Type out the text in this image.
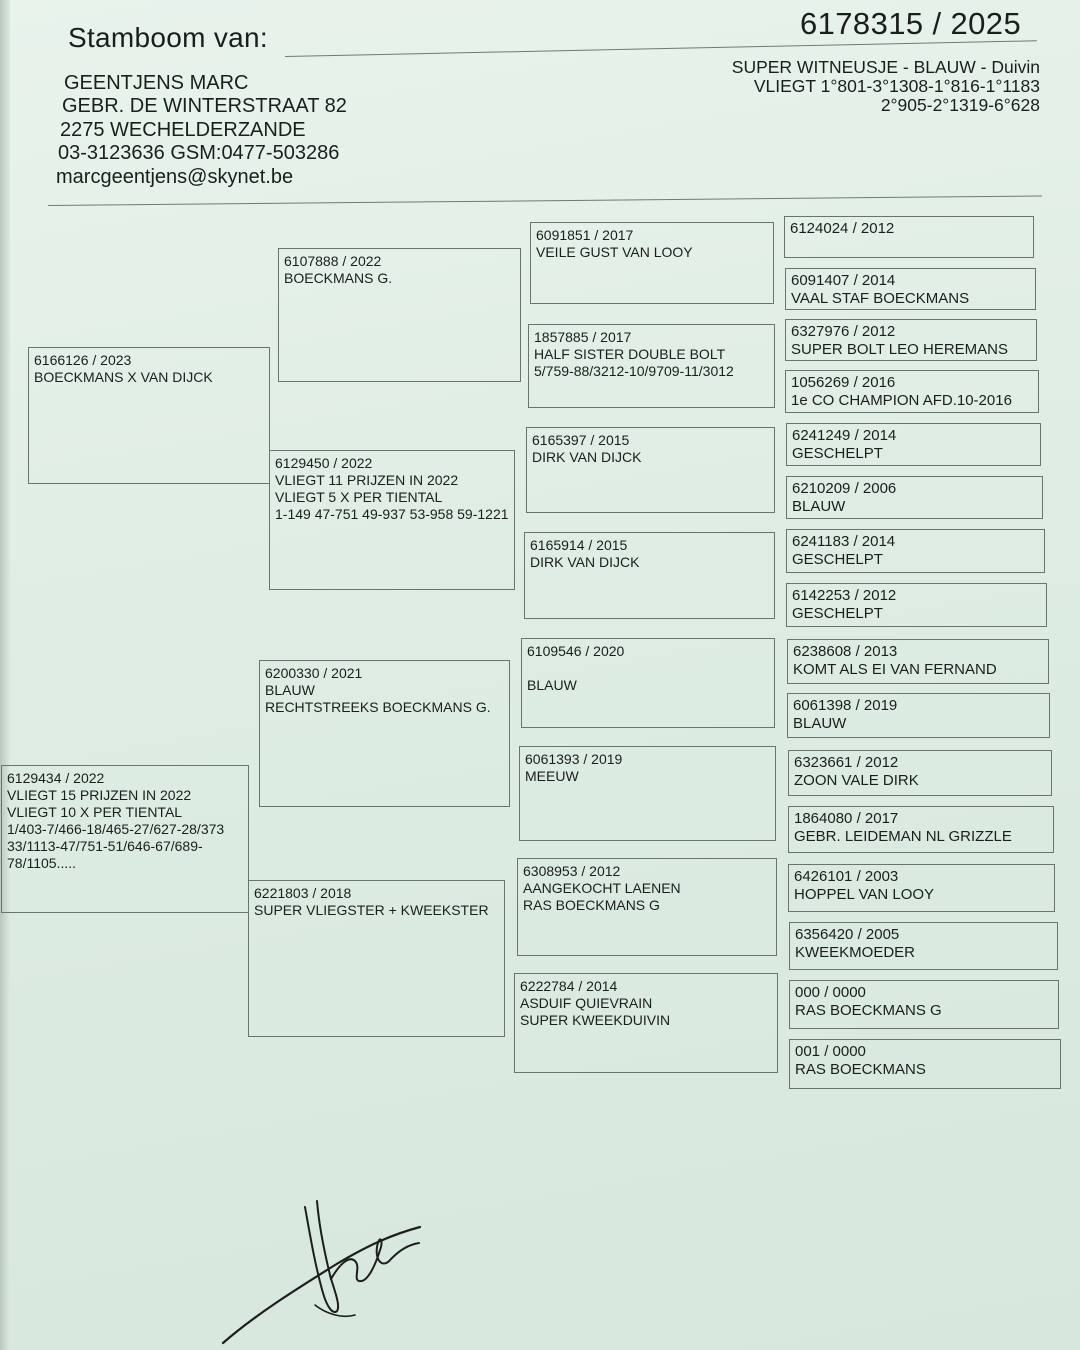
Stamboom van:	6178315 / 2025
GEENTJENS MARC
GEBR. DE WINTERSTRAAT 82
2275 WECHELDERZANDE
03-3123636 GSM:0477-503286
marcgeentjens@skynet.be
SUPER WITNEUSJE - BLAUW - Duivin
VLIEGT 1°801-3°1308-1°816-1°1183
2°905-2°1319-6°628
6166126 / 2023
BOECKMANS X VAN DIJCK
6129434 / 2022
VLIEGT 15 PRIJZEN IN 2022
VLIEGT 10 X PER TIENTAL
1/403-7/466-18/465-27/627-28/373
33/1113-47/751-51/646-67/689-
78/1105.....
6107888 / 2022
BOECKMANS G.
6129450 / 2022
VLIEGT 11 PRIJZEN IN 2022
VLIEGT 5 X PER TIENTAL
1-149 47-751 49-937 53-958 59-1221
6200330 / 2021
BLAUW
RECHTSTREEKS BOECKMANS G.
6221803 / 2018
SUPER VLIEGSTER + KWEEKSTER
6091851 / 2017
VEILE GUST VAN LOOY
1857885 / 2017
HALF SISTER DOUBLE BOLT
5/759-88/3212-10/9709-11/3012
6165397 / 2015
DIRK VAN DIJCK
6165914 / 2015
DIRK VAN DIJCK
6109546 / 2020

BLAUW
6061393 / 2019
MEEUW
6308953 / 2012
AANGEKOCHT LAENEN
RAS BOECKMANS G
6222784 / 2014
ASDUIF QUIEVRAIN
SUPER KWEEKDUIVIN
6124024 / 2012

6091407 / 2014
VAAL STAF BOECKMANS
6327976 / 2012
SUPER BOLT LEO HEREMANS
1056269 / 2016
1e CO CHAMPION AFD.10-2016
6241249 / 2014
GESCHELPT
6210209 / 2006
BLAUW
6241183 / 2014
GESCHELPT
6142253 / 2012
GESCHELPT
6238608 / 2013
KOMT ALS EI VAN FERNAND
6061398 / 2019
BLAUW
6323661 / 2012
ZOON VALE DIRK
1864080 / 2017
GEBR. LEIDEMAN NL GRIZZLE
6426101 / 2003
HOPPEL VAN LOOY
6356420 / 2005
KWEEKMOEDER
000 / 0000
RAS BOECKMANS G
001 / 0000
RAS BOECKMANS
